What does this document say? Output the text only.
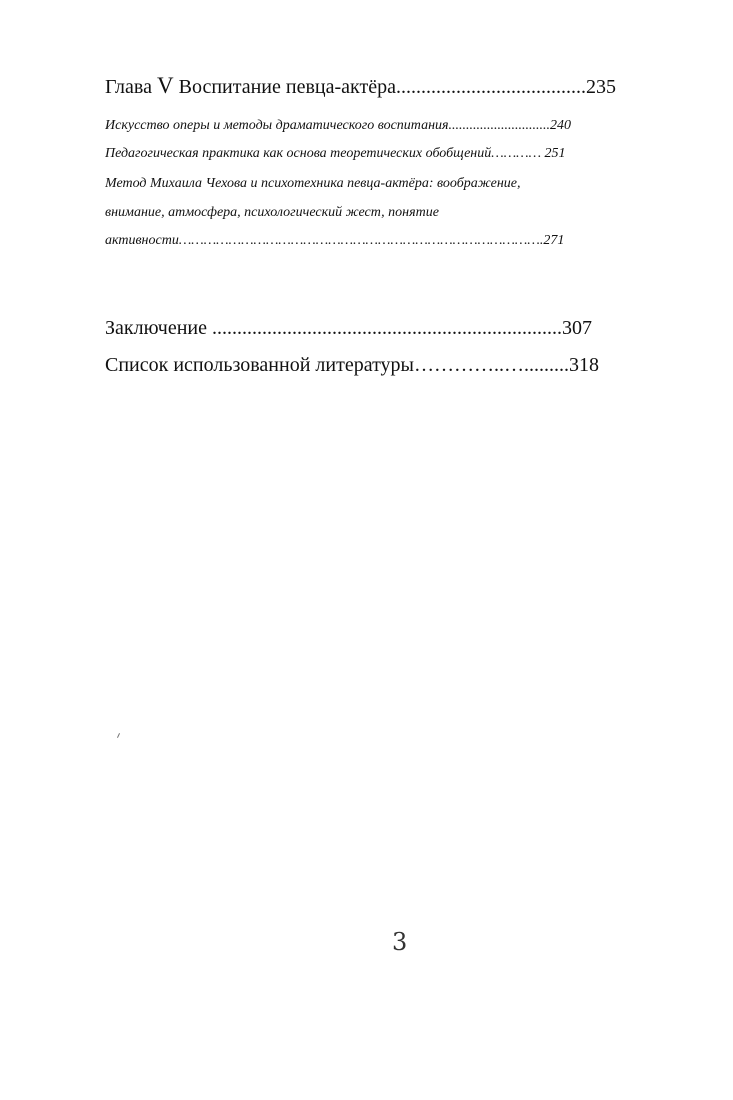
Глава V Воспитание певца-актёра......................................235
Искусство оперы и методы драматического воспитания.............................240
Педагогическая практика как основа теоретических обобщений………… 251
Метод Михаила Чехова и психотехника певца-актёра: воображение,
внимание, атмосфера, психологический жест, понятие
активности…………………………………………………………………………….271
Заключение ......................................................................307
Список использованной литературы…………..….........318
3
